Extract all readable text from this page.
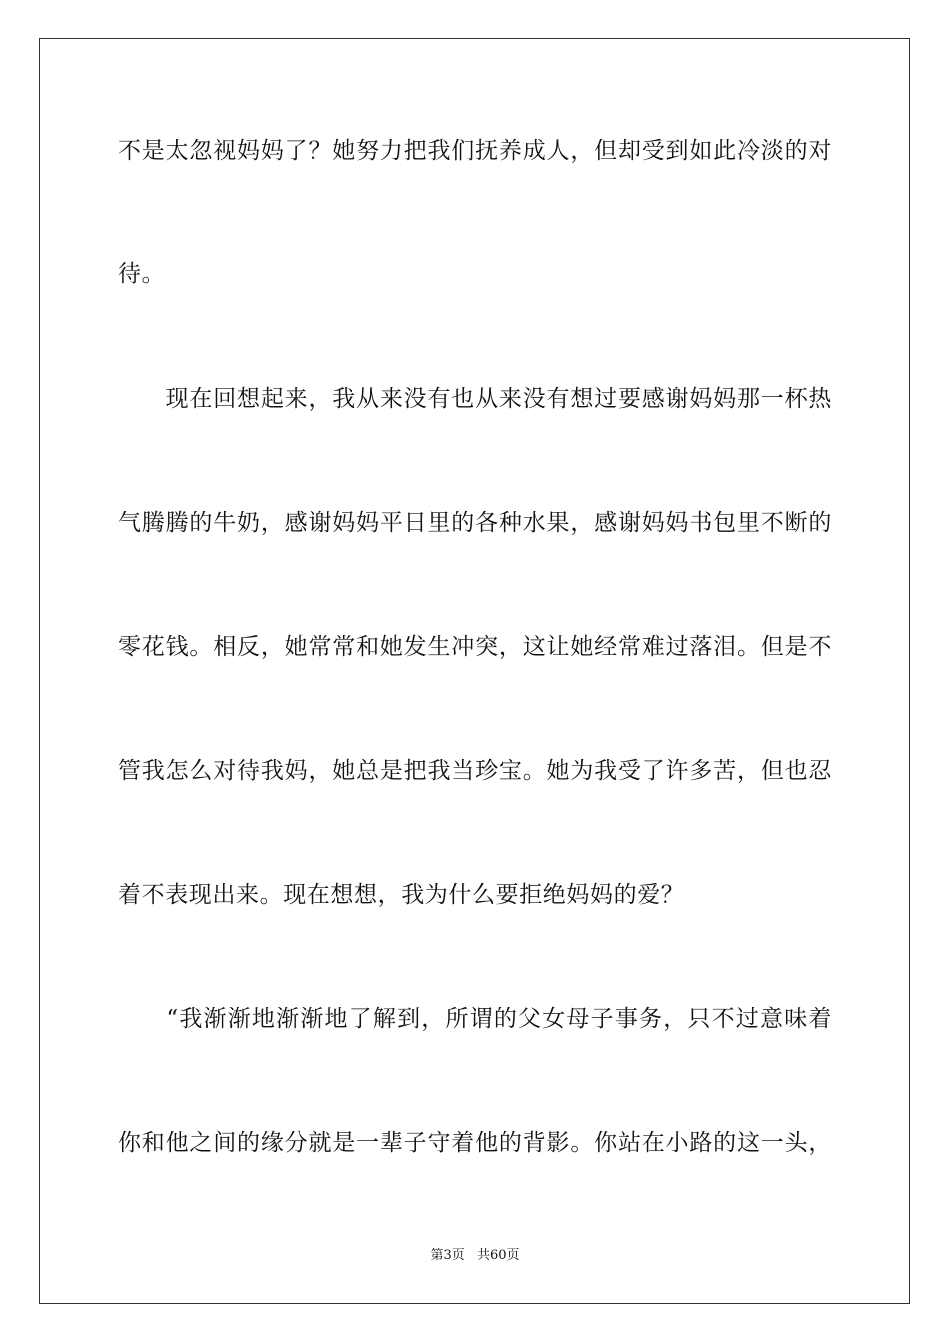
不是太忽视妈妈了？她努力把我们抚养成人，但却受到如此冷淡的对
待。
　　现在回想起来，我从来没有也从来没有想过要感谢妈妈那一杯热
气腾腾的牛奶，感谢妈妈平日里的各种水果，感谢妈妈书包里不断的
零花钱。相反，她常常和她发生冲突，这让她经常难过落泪。但是不
管我怎么对待我妈，她总是把我当珍宝。她为我受了许多苦，但也忍
着不表现出来。现在想想，我为什么要拒绝妈妈的爱？
　　“我渐渐地渐渐地了解到，所谓的父女母子事务，只不过意味着
你和他之间的缘分就是一辈子守着他的背影。你站在小路的这一头，
第3页 共60页
